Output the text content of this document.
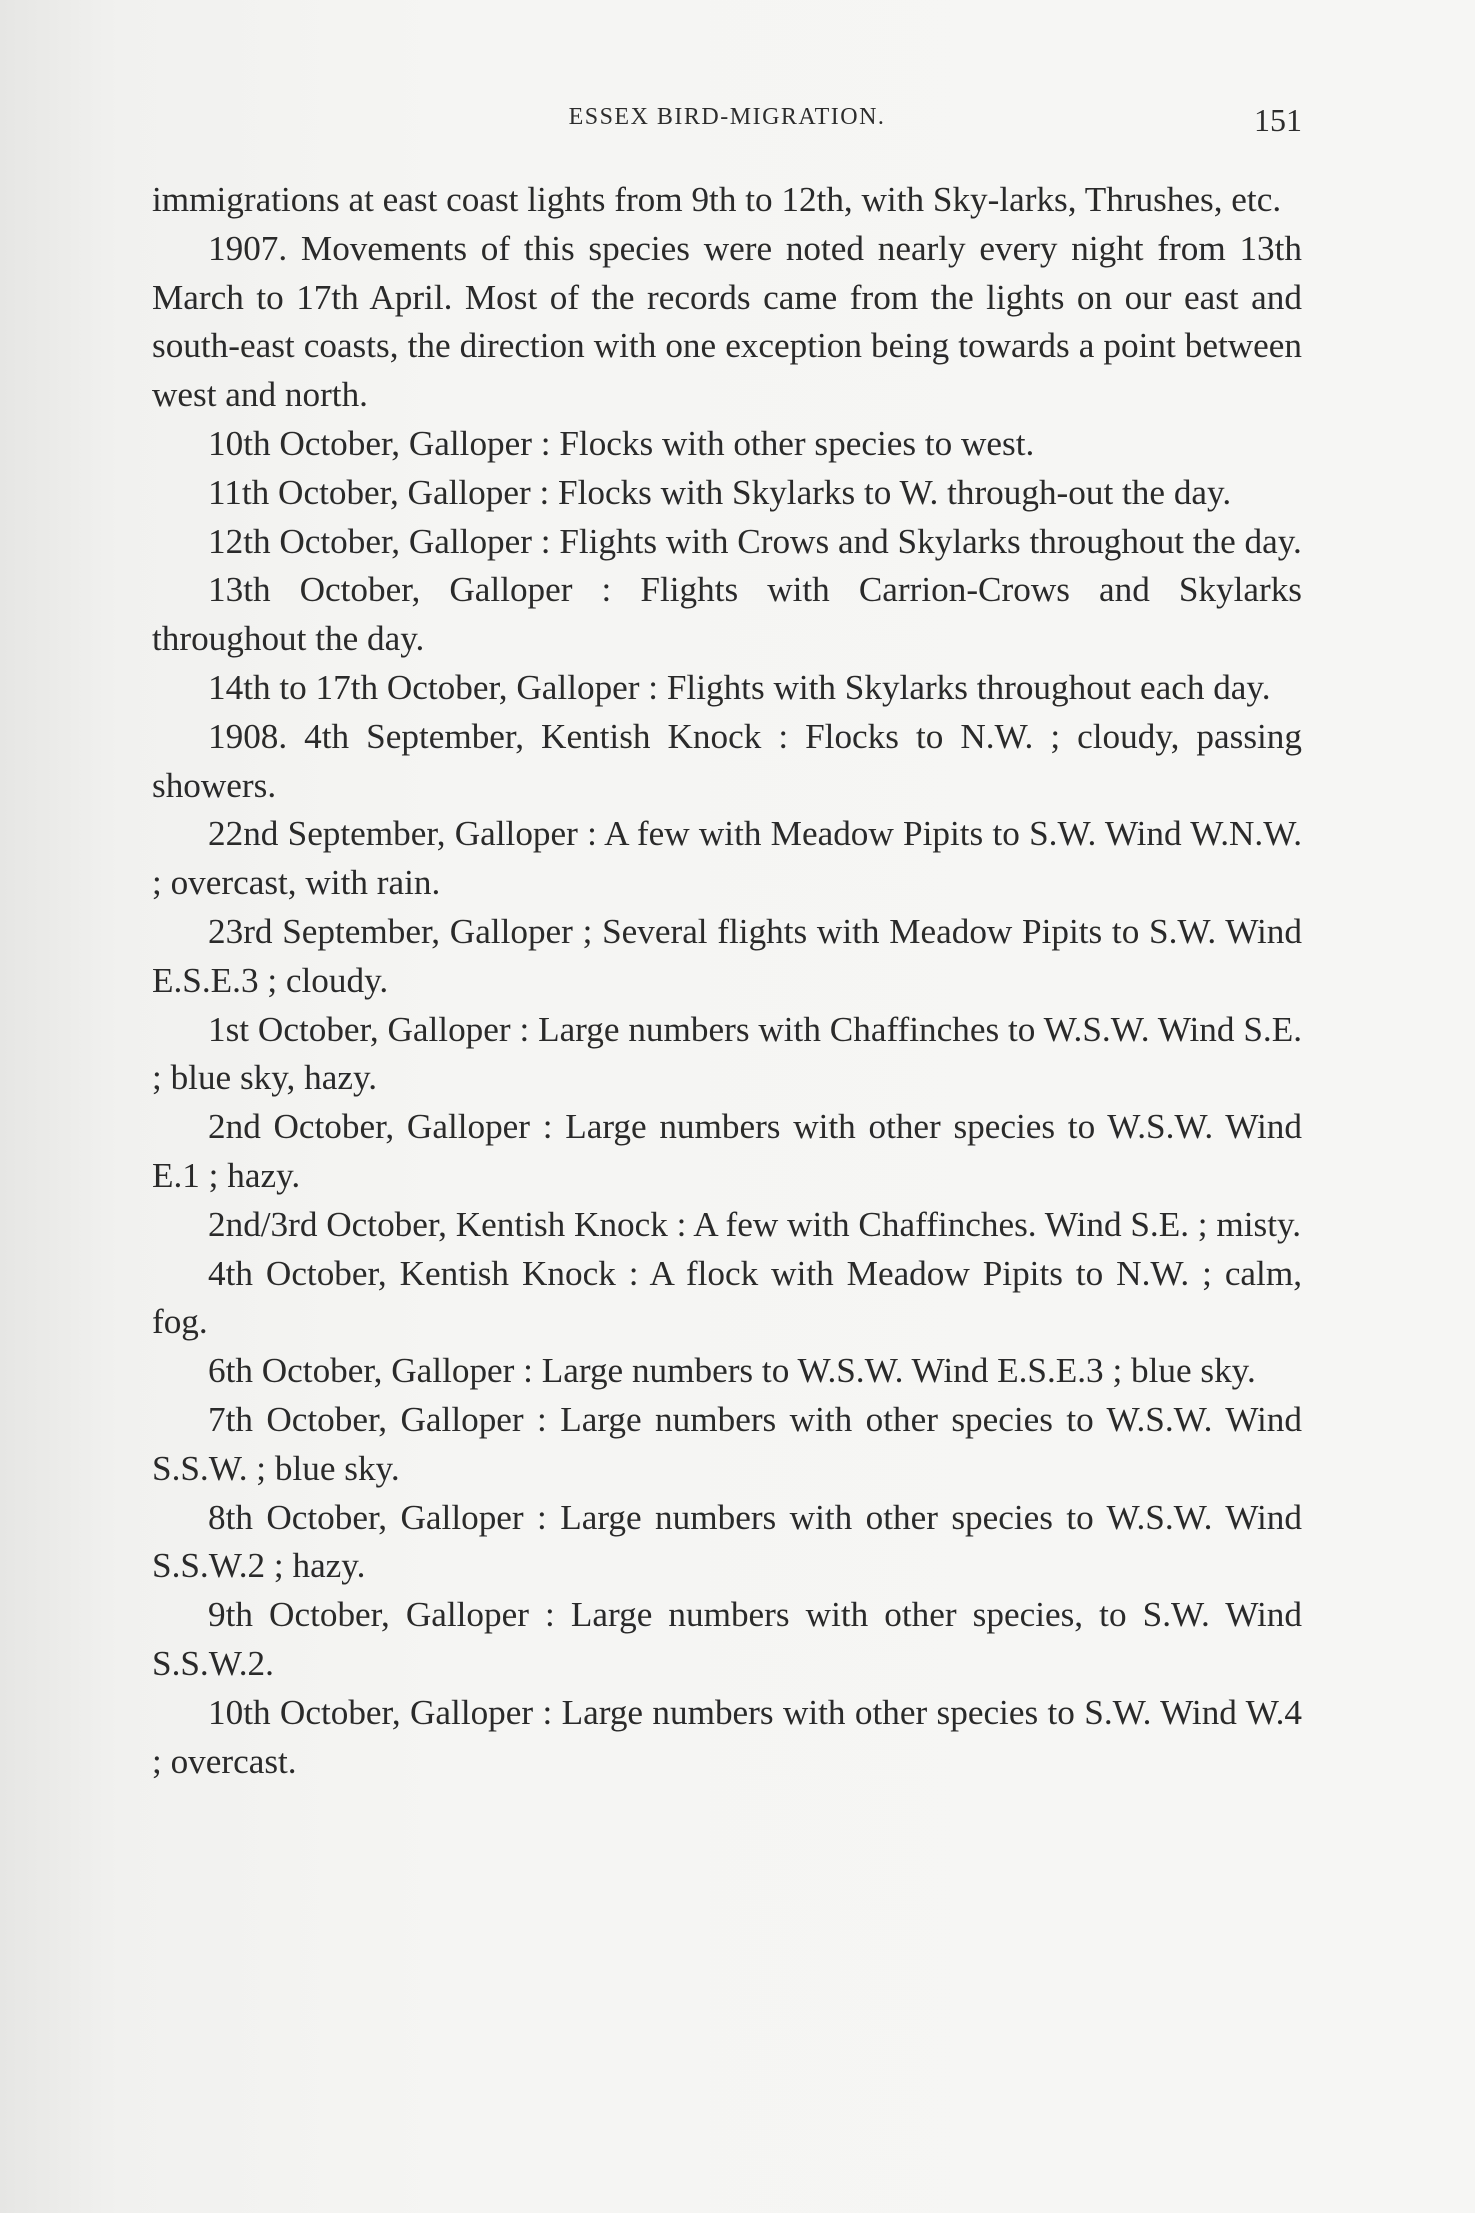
ESSEX BIRD-MIGRATION.	151

immigrations at east coast lights from 9th to 12th, with Sky-larks, Thrushes, etc.

1907. Movements of this species were noted nearly every night from 13th March to 17th April. Most of the records came from the lights on our east and south-east coasts, the direction with one exception being towards a point between west and north.

10th October, Galloper : Flocks with other species to west.

11th October, Galloper : Flocks with Skylarks to W. through-out the day.

12th October, Galloper : Flights with Crows and Skylarks throughout the day.

13th October, Galloper : Flights with Carrion-Crows and Skylarks throughout the day.

14th to 17th October, Galloper : Flights with Skylarks throughout each day.

1908. 4th September, Kentish Knock : Flocks to N.W. ; cloudy, passing showers.

22nd September, Galloper : A few with Meadow Pipits to S.W. Wind W.N.W. ; overcast, with rain.

23rd September, Galloper ; Several flights with Meadow Pipits to S.W. Wind E.S.E.3 ; cloudy.

1st October, Galloper : Large numbers with Chaffinches to W.S.W. Wind S.E. ; blue sky, hazy.

2nd October, Galloper : Large numbers with other species to W.S.W. Wind E.1 ; hazy.

2nd/3rd October, Kentish Knock : A few with Chaffinches. Wind S.E. ; misty.

4th October, Kentish Knock : A flock with Meadow Pipits to N.W. ; calm, fog.

6th October, Galloper : Large numbers to W.S.W. Wind E.S.E.3 ; blue sky.

7th October, Galloper : Large numbers with other species to W.S.W. Wind S.S.W. ; blue sky.

8th October, Galloper : Large numbers with other species to W.S.W. Wind S.S.W.2 ; hazy.

9th October, Galloper : Large numbers with other species, to S.W. Wind S.S.W.2.

10th October, Galloper : Large numbers with other species to S.W. Wind W.4 ; overcast.
